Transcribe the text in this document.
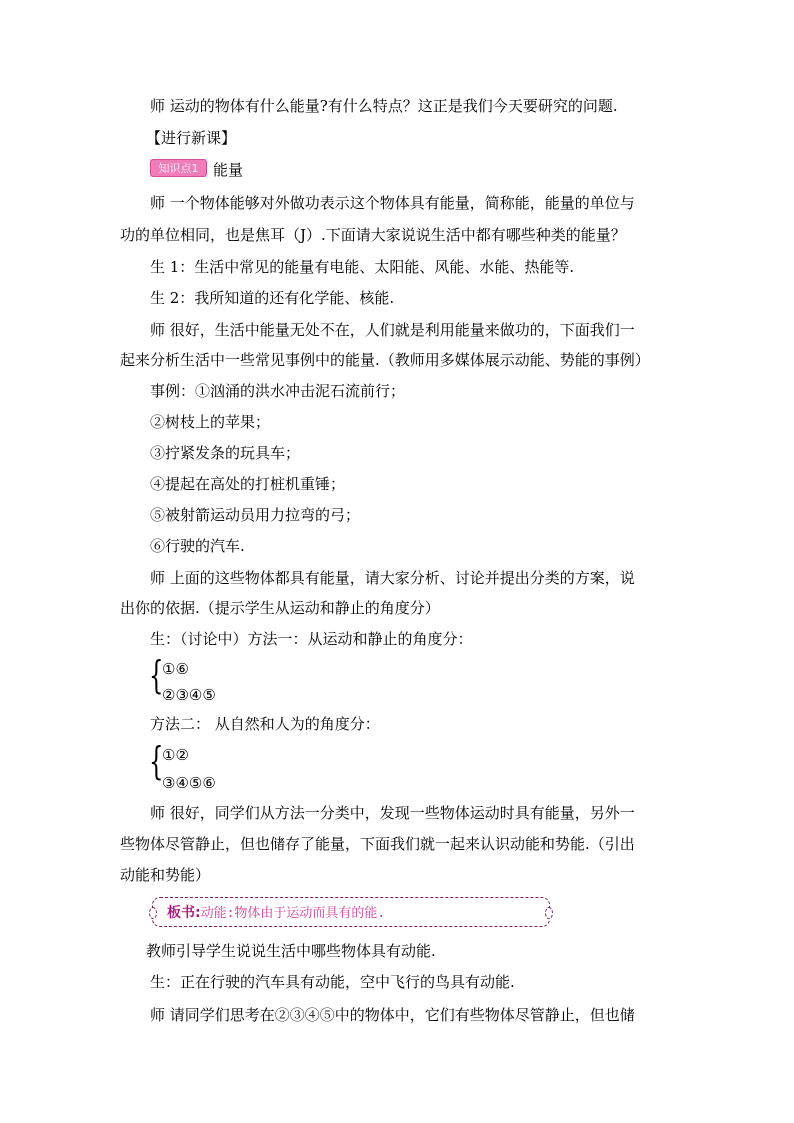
师 运动的物体有什么能量?有什么特点？这正是我们今天要研究的问题.
【进行新课】
知识点1 能量
师 一个物体能够对外做功表示这个物体具有能量，简称能，能量的单位与
功的单位相同，也是焦耳（J）.下面请大家说说生活中都有哪些种类的能量？
生 1：生活中常见的能量有电能、太阳能、风能、水能、热能等.
生 2：我所知道的还有化学能、核能.
师 很好，生活中能量无处不在，人们就是利用能量来做功的，下面我们一
起来分析生活中一些常见事例中的能量.（教师用多媒体展示动能、势能的事例）
事例：①汹涌的洪水冲击泥石流前行；
②树枝上的苹果；
③拧紧发条的玩具车；
④提起在高处的打桩机重锤；
⑤被射箭运动员用力拉弯的弓；
⑥行驶的汽车.
师 上面的这些物体都具有能量，请大家分析、讨论并提出分类的方案，说
出你的依据.（提示学生从运动和静止的角度分）
生：（讨论中）方法一：从运动和静止的角度分：
{
①⑥
②③④⑤
方法二： 从自然和人为的角度分：
{
①②
③④⑤⑥
师 很好，同学们从方法一分类中，发现一些物体运动时具有能量，另外一
些物体尽管静止，但也储存了能量，下面我们就一起来认识动能和势能.（引出
动能和势能）
板书:动能:物体由于运动而具有的能.
教师引导学生说说生活中哪些物体具有动能.
生：正在行驶的汽车具有动能，空中飞行的鸟具有动能.
师 请同学们思考在②③④⑤中的物体中，它们有些物体尽管静止，但也储
